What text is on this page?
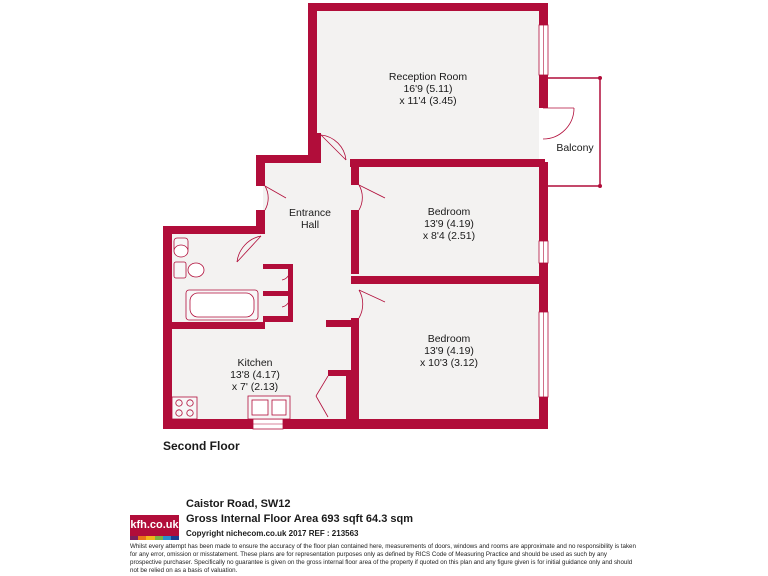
Reception Room
16'9 (5.11)
x 11'4 (3.45)
Balcony
Bedroom
13'9 (4.19)
x 8'4 (2.51)
Entrance
Hall
Bedroom
13'9 (4.19)
x 10'3 (3.12)
Kitchen
13'8 (4.17)
x 7' (2.13)
Second Floor
kfh.co.uk
Caistor Road, SW12
Gross Internal Floor Area 693 sqft 64.3 sqm
Copyright nichecom.co.uk 2017 REF : 213563
Whilst every attempt has been made to ensure the accuracy of the floor plan contained here, measurements of doors, windows and rooms are approximate and no responsibility is taken for any error, omission or misstatement. These plans are for representation purposes only as defined by RICS Code of Measuring Practice and should be used as such by any prospective purchaser. Specifically no guarantee is given on the gross internal floor area of the property if quoted on this plan and any figure given is for initial guidance only and should not be relied on as a basis of valuation.
